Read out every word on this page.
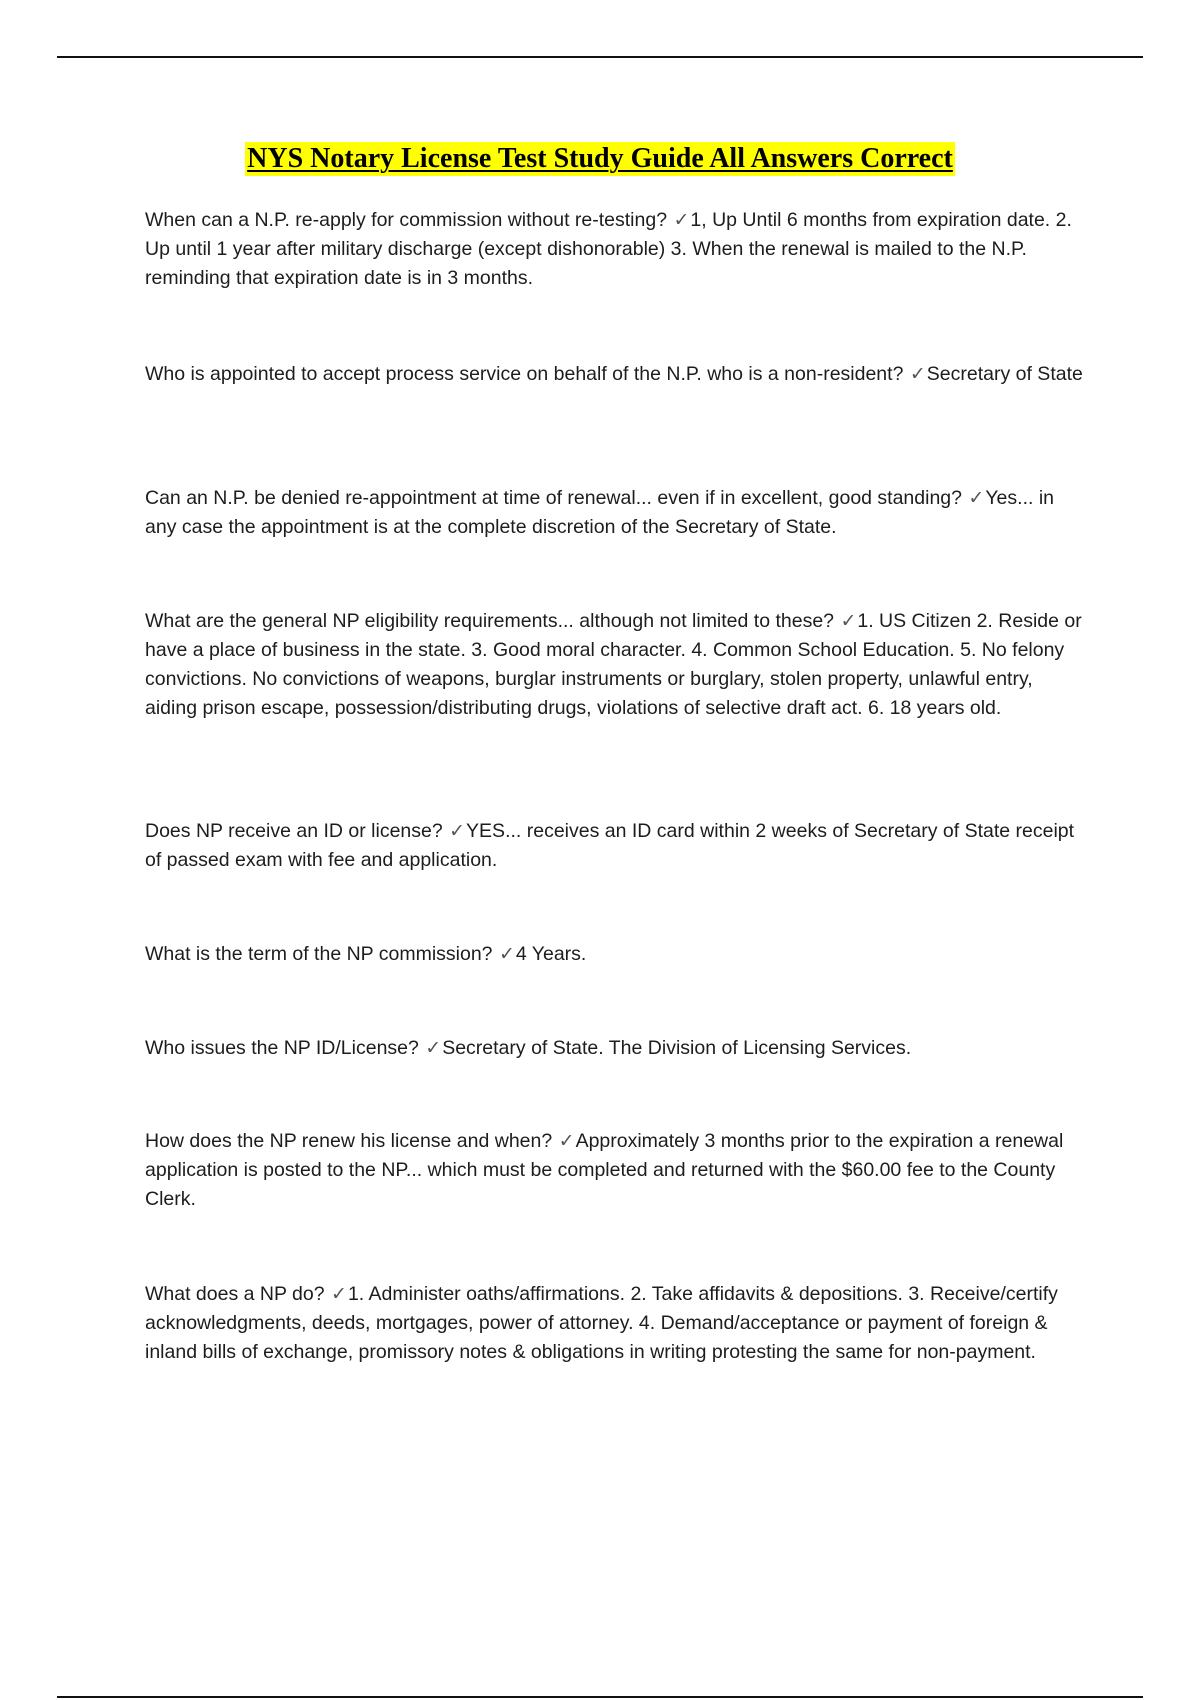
NYS Notary License Test Study Guide All Answers Correct

When can a N.P. re-apply for commission without re-testing? ✓1, Up Until 6 months from expiration date. 2. Up until 1 year after military discharge (except dishonorable) 3. When the renewal is mailed to the N.P. reminding that expiration date is in 3 months.

Who is appointed to accept process service on behalf of the N.P. who is a non-resident? ✓Secretary of State

Can an N.P. be denied re-appointment at time of renewal... even if in excellent, good standing? ✓Yes... in any case the appointment is at the complete discretion of the Secretary of State.

What are the general NP eligibility requirements... although not limited to these? ✓1. US Citizen 2. Reside or have a place of business in the state. 3. Good moral character. 4. Common School Education. 5. No felony convictions. No convictions of weapons, burglar instruments or burglary, stolen property, unlawful entry, aiding prison escape, possession/distributing drugs, violations of selective draft act. 6. 18 years old.

Does NP receive an ID or license? ✓YES... receives an ID card within 2 weeks of Secretary of State receipt of passed exam with fee and application.

What is the term of the NP commission? ✓4 Years.

Who issues the NP ID/License? ✓Secretary of State. The Division of Licensing Services.

How does the NP renew his license and when? ✓Approximately 3 months prior to the expiration a renewal application is posted to the NP... which must be completed and returned with the $60.00 fee to the County Clerk.

What does a NP do? ✓1. Administer oaths/affirmations. 2. Take affidavits & depositions. 3. Receive/certify acknowledgments, deeds, mortgages, power of attorney. 4. Demand/acceptance or payment of foreign & inland bills of exchange, promissory notes & obligations in writing protesting the same for non-payment.
